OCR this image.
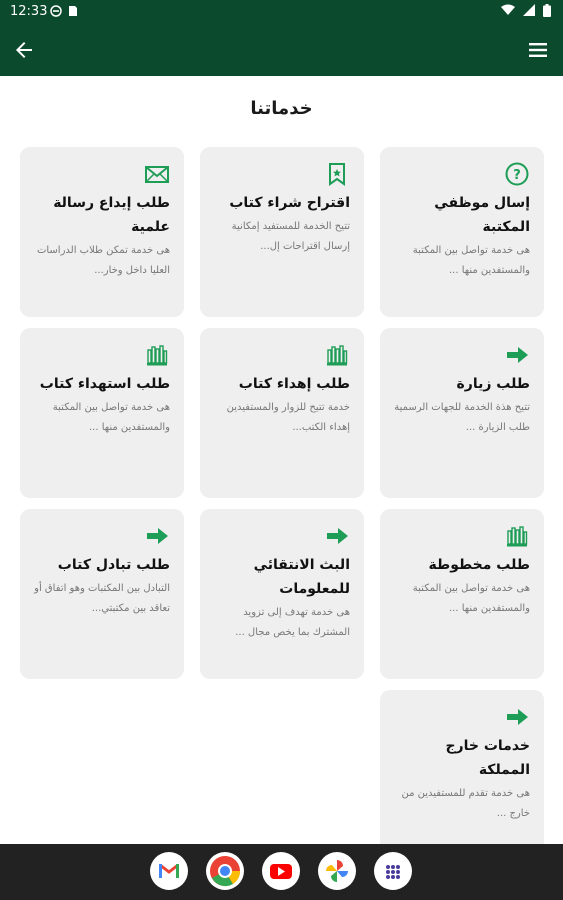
12:33
خدماتنا
?
إسال موظفي المكتبة
هى خدمة تواصل بين المكتبة والمستفدين منها ...
اقتراح شراء كتاب
تتيح الخدمة للمستفيد إمكانية إرسال اقتراحات إل...
طلب إيداع رسالة علمية
هى خدمة تمكن طلاب الدراسات العليا داخل وخار...
طلب زيارة
تتيح هذة الخدمة للجهات الرسمية طلب الزيارة ...
طلب إهداء كتاب
خدمة تتيح للزوار والمستفيدين إهداء الكتب...
طلب استهداء كتاب
هى خدمة تواصل بين المكتبة والمستفدين منها ...
طلب مخطوطة
هى خدمة تواصل بين المكتبة والمستفدين منها ...
البث الانتقائي للمعلومات
هى خدمة تهدف إلى تزويد المشترك بما يخص مجال ...
طلب تبادل كتاب
التبادل بين المكتبات وهو اتفاق أو تعاقد بين مكتبتي...
خدمات خارج المملكة
هى خدمة تقدم للمستفيدين من خارج ...
